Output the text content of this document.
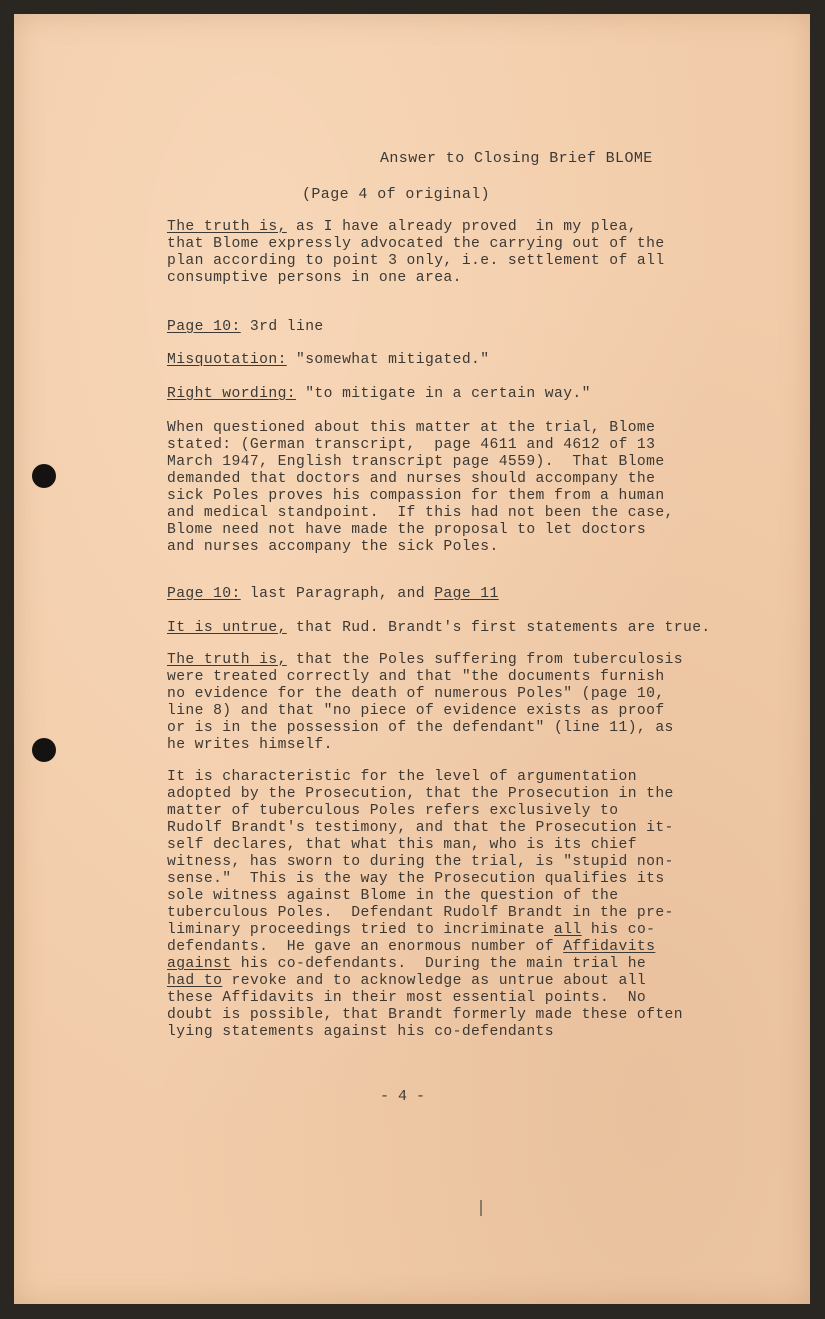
Answer to Closing Brief BLOME

(Page 4 of original)

The truth is, as I have already proved  in my plea,

that Blome expressly advocated the carrying out of the

plan according to point 3 only, i.e. settlement of all

consumptive persons in one area.

Page 10: 3rd line

Misquotation: "somewhat mitigated."

Right wording: "to mitigate in a certain way."

When questioned about this matter at the trial, Blome

stated: (German transcript,  page 4611 and 4612 of 13

March 1947, English transcript page 4559).  That Blome

demanded that doctors and nurses should accompany the

sick Poles proves his compassion for them from a human

and medical standpoint.  If this had not been the case,

Blome need not have made the proposal to let doctors

and nurses accompany the sick Poles.

Page 10: last Paragraph, and Page 11

It is untrue, that Rud. Brandt's first statements are true.

The truth is, that the Poles suffering from tuberculosis

were treated correctly and that "the documents furnish

no evidence for the death of numerous Poles" (page 10,

line 8) and that "no piece of evidence exists as proof

or is in the possession of the defendant" (line 11), as

he writes himself.

It is characteristic for the level of argumentation

adopted by the Prosecution, that the Prosecution in the

matter of tuberculous Poles refers exclusively to

Rudolf Brandt's testimony, and that the Prosecution it-

self declares, that what this man, who is its chief

witness, has sworn to during the trial, is "stupid non-

sense."  This is the way the Prosecution qualifies its

sole witness against Blome in the question of the

tuberculous Poles.  Defendant Rudolf Brandt in the pre-

liminary proceedings tried to incriminate all his co-

defendants.  He gave an enormous number of Affidavits

against his co-defendants.  During the main trial he

had to revoke and to acknowledge as untrue about all

these Affidavits in their most essential points.  No

doubt is possible, that Brandt formerly made these often

lying statements against his co-defendants

- 4 -
